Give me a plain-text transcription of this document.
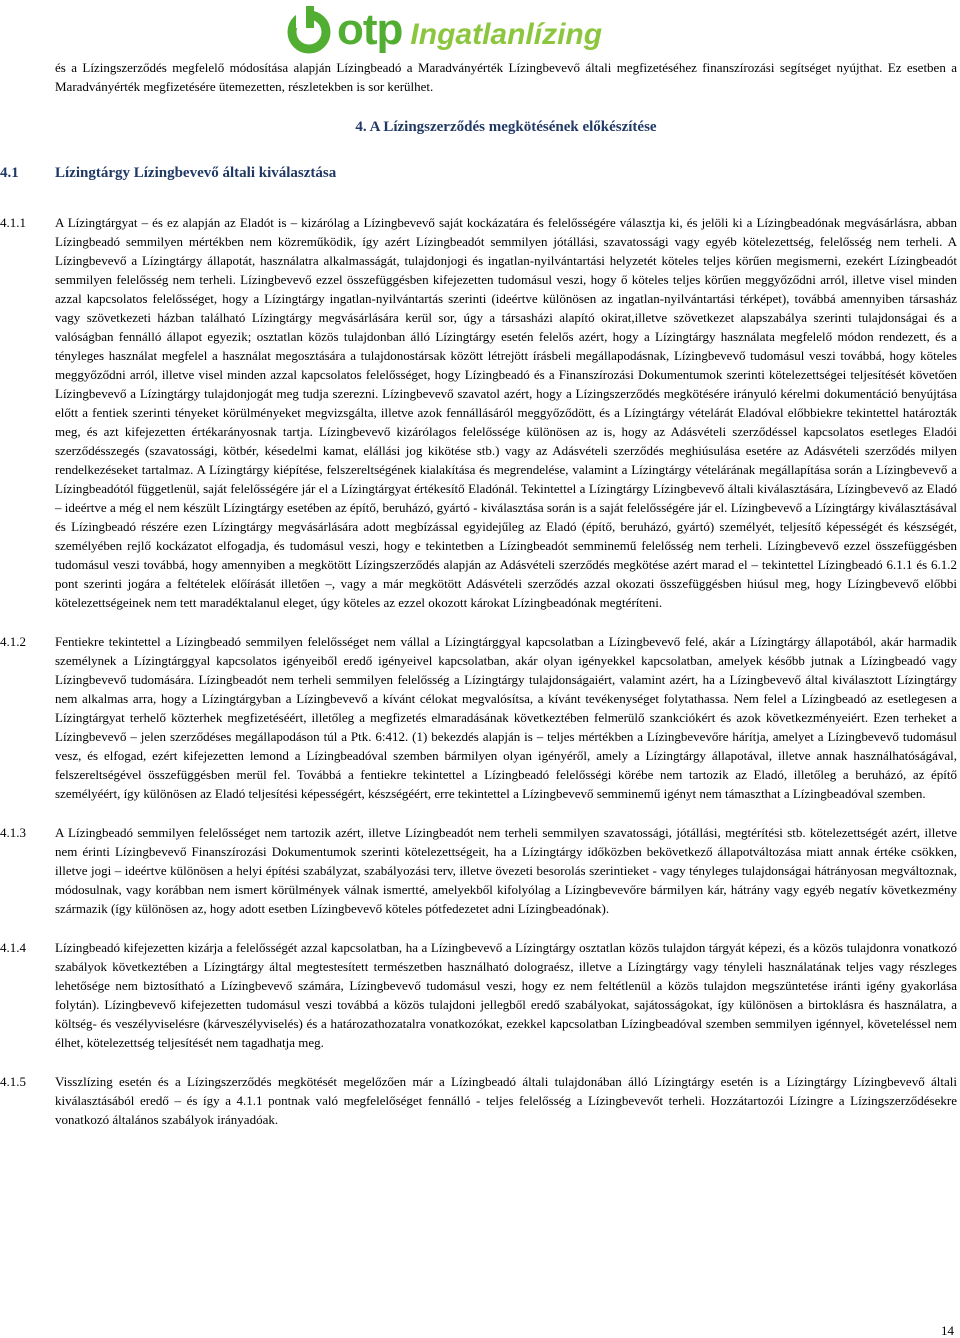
otp Ingatlanlízing

és a Lízingszerződés megfelelő módosítása alapján Lízingbeadó a Maradványérték Lízingbevevő általi megfizetéséhez finanszírozási segítséget nyújthat. Ez esetben a Maradványérték megfizetésére ütemezetten, részletekben is sor kerülhet.

4. A Lízingszerződés megkötésének előkészítése
4.1	Lízingtárgy Lízingbevevő általi kiválasztása
4.1.1	A Lízingtárgyat – és ez alapján az Eladót is – kizárólag a Lízingbevevő saját kockázatára és felelősségére választja ki, és jelöli ki a Lízingbeadónak megvásárlásra, abban Lízingbeadó semmilyen mértékben nem közreműködik, így azért Lízingbeadót semmilyen jótállási, szavatossági vagy egyéb kötelezettség, felelősség nem terheli. A Lízingbevevő a Lízingtárgy állapotát, használatra alkalmasságát, tulajdonjogi és ingatlan-nyilvántartási helyzetét köteles teljes körűen megismerni, ezekért Lízingbeadót semmilyen felelősség nem terheli. Lízingbevevő ezzel összefüggésben kifejezetten tudomásul veszi, hogy ő köteles teljes körűen meggyőződni arról, illetve visel minden azzal kapcsolatos felelősséget, hogy a Lízingtárgy ingatlan-nyilvántartás szerinti (ideértve különösen az ingatlan-nyilvántartási térképet), továbbá amennyiben társasház vagy szövetkezeti házban található Lízingtárgy megvásárlására kerül sor, úgy a társasházi alapító okirat,illetve szövetkezet alapszabálya szerinti tulajdonságai és a valóságban fennálló állapot egyezik; osztatlan közös tulajdonban álló Lízingtárgy esetén felelős azért, hogy a Lízingtárgy használata megfelelő módon rendezett, és a tényleges használat megfelel a használat megosztására a tulajdonostársak között létrejött írásbeli megállapodásnak, Lízingbevevő tudomásul veszi továbbá, hogy köteles meggyőződni arról, illetve visel minden azzal kapcsolatos felelősséget, hogy Lízingbeadó és a Finanszírozási Dokumentumok szerinti kötelezettségei teljesítését követően Lízingbevevő a Lízingtárgy tulajdonjogát meg tudja szerezni. Lízingbevevő szavatol azért, hogy a Lízingszerződés megkötésére irányuló kérelmi dokumentáció benyújtása előtt a fentiek szerinti tényeket körülményeket megvizsgálta, illetve azok fennállásáról meggyőződött, és a Lízingtárgy vételárát Eladóval előbbiekre tekintettel határozták meg, és azt kifejezetten értékarányosnak tartja. Lízingbevevő kizárólagos felelőssége különösen az is, hogy az Adásvételi szerződéssel kapcsolatos esetleges Eladói szerződésszegés (szavatossági, kötbér, késedelmi kamat, elállási jog kikötése stb.) vagy az Adásvételi szerződés meghiúsulása esetére az Adásvételi szerződés milyen rendelkezéseket tartalmaz. A Lízingtárgy kiépítése, felszereltségének kialakítása és megrendelése, valamint a Lízingtárgy vételárának megállapítása során a Lízingbevevő a Lízingbeadótól függetlenül, saját felelősségére jár el a Lízingtárgyat értékesítő Eladónál. Tekintettel a Lízingtárgy Lízingbevevő általi kiválasztására, Lízingbevevő az Eladó – ideértve a még el nem készült Lízingtárgy esetében az építő, beruházó, gyártó - kiválasztása során is a saját felelősségére jár el. Lízingbevevő a Lízingtárgy kiválasztásával és Lízingbeadó részére ezen Lízingtárgy megvásárlására adott megbízással egyidejűleg az Eladó (építő, beruházó, gyártó) személyét, teljesítő képességét és készségét, személyében rejlő kockázatot elfogadja, és tudomásul veszi, hogy e tekintetben a Lízingbeadót semminemű felelősség nem terheli. Lízingbevevő ezzel összefüggésben tudomásul veszi továbbá, hogy amennyiben a megkötött Lízingszerződés alapján az Adásvételi szerződés megkötése azért marad el – tekintettel Lízingbeadó 6.1.1 és 6.1.2 pont szerinti jogára a feltételek előírását illetően –, vagy a már megkötött Adásvételi szerződés azzal okozati összefüggésben hiúsul meg, hogy Lízingbevevő előbbi kötelezettségeinek nem tett maradéktalanul eleget, úgy köteles az ezzel okozott károkat Lízingbeadónak megtéríteni.

4.1.2	Fentiekre tekintettel a Lízingbeadó semmilyen felelősséget nem vállal a Lízingtárggyal kapcsolatban a Lízingbevevő felé, akár a Lízingtárgy állapotából, akár harmadik személynek a Lízingtárggyal kapcsolatos igényeiből eredő igényeivel kapcsolatban, akár olyan igényekkel kapcsolatban, amelyek később jutnak a Lízingbeadó vagy Lízingbevevő tudomására. Lízingbeadót nem terheli semmilyen felelősség a Lízingtárgy tulajdonságaiért, valamint azért, ha a Lízingbevevő által kiválasztott Lízingtárgy nem alkalmas arra, hogy a Lízingtárgyban a Lízingbevevő a kívánt célokat megvalósítsa, a kívánt tevékenységet folytathassa. Nem felel a Lízingbeadó az esetlegesen a Lízingtárgyat terhelő közterhek megfizetéséért, illetőleg a megfizetés elmaradásának következtében felmerülő szankciókért és azok következményeiért. Ezen terheket a Lízingbevevő – jelen szerződéses megállapodáson túl a Ptk. 6:412. (1) bekezdés alapján is – teljes mértékben a Lízingbevevőre hárítja, amelyet a Lízingbevevő tudomásul vesz, és elfogad, ezért kifejezetten lemond a Lízingbeadóval szemben bármilyen olyan igényéről, amely a Lízingtárgy állapotával, illetve annak használhatóságával, felszereltségével összefüggésben merül fel. Továbbá a fentiekre tekintettel a Lízingbeadó felelősségi körébe nem tartozik az Eladó, illetőleg a beruházó, az építő személyéért, így különösen az Eladó teljesítési képességért, készségéért, erre tekintettel a Lízingbevevő semminemű igényt nem támaszthat a Lízingbeadóval szemben.

4.1.3	A Lízingbeadó semmilyen felelősséget nem tartozik azért, illetve Lízingbeadót nem terheli semmilyen szavatossági, jótállási, megtérítési stb. kötelezettségét azért, illetve nem érinti Lízingbevevő Finanszírozási Dokumentumok szerinti kötelezettségeit, ha a Lízingtárgy időközben bekövetkező állapotváltozása miatt annak értéke csökken, illetve jogi – ideértve különösen a helyi építési szabályzat, szabályozási terv, illetve övezeti besorolás szerintieket - vagy tényleges tulajdonságai hátrányosan megváltoznak, módosulnak, vagy korábban nem ismert körülmények válnak ismertté, amelyekből kifolyólag a Lízingbevevőre bármilyen kár, hátrány vagy egyéb negatív következmény származik (így különösen az, hogy adott esetben Lízingbevevő köteles pótfedezetet adni Lízingbeadónak).

4.1.4	Lízingbeadó kifejezetten kizárja a felelősségét azzal kapcsolatban, ha a Lízingbevevő a Lízingtárgy osztatlan közös tulajdon tárgyát képezi, és a közös tulajdonra vonatkozó szabályok következtében a Lízingtárgy által megtestesített természetben használható dolograész, illetve a Lízingtárgy vagy tényleli használatának teljes vagy részleges lehetősége nem biztosítható a Lízingbevevő számára, Lízingbevevő tudomásul veszi, hogy ez nem feltétlenül a közös tulajdon megszüntetése iránti igény gyakorlása folytán). Lízingbevevő kifejezetten tudomásul veszi továbbá a közös tulajdoni jellegből eredő szabályokat, sajátosságokat, így különösen a birtoklásra és használatra, a költség- és veszélyviselésre (kárveszélyviselés) és a határozathozatalra vonatkozókat, ezekkel kapcsolatban Lízingbeadóval szemben semmilyen igénnyel, követeléssel nem élhet, kötelezettség teljesítését nem tagadhatja meg.

4.1.5	Visszlízing esetén és a Lízingszerződés megkötését megelőzően már a Lízingbeadó általi tulajdonában álló Lízingtárgy esetén is a Lízingtárgy Lízingbevevő általi kiválasztásából eredő – és így a 4.1.1 pontnak való megfelelőséget fennálló - teljes felelősség a Lízingbevevőt terheli. Hozzátartozói Lízingre a Lízingszerződésekre vonatkozó általános szabályok irányadóak.

14
